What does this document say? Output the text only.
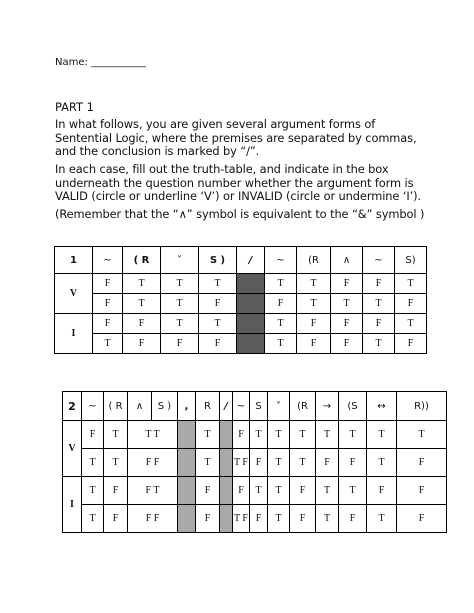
Name: ___________
PART 1
In what follows, you are given several argument forms of
Sentential Logic, where the premises are separated by commas,
and the conclusion is marked by “/”.
In each case, fill out the truth-table, and indicate in the box
underneath the question number whether the argument form is
VALID (circle or underline ‘V’) or INVALID (circle or undermine ‘I’).
(Remember that the “∧” symbol is equivalent to the “&” symbol )
1	~	( R	˅	S )	/	~	(R	∧	~	S)
V	F	T	T	T		T	T	F	F	T
	F	T	T	F		F	T	T	T	F
I	F	F	T	T		T	F	F	F	T
	T	F	F	F		T	F	F	T	F
2	~	( R	∧	S )	,	R	/	~	S	˅	(R	→	(S	↔	R))
V	F	T	T T			T		F	T	T	T	T	T	T	T
	T	T	F F			T		T F	F	T	T	F	F	T	F
I	T	F	F T			F		F	T	T	F	T	T	F	F
	T	F	F F			F		T F	F	T	F	T	F	T	F
